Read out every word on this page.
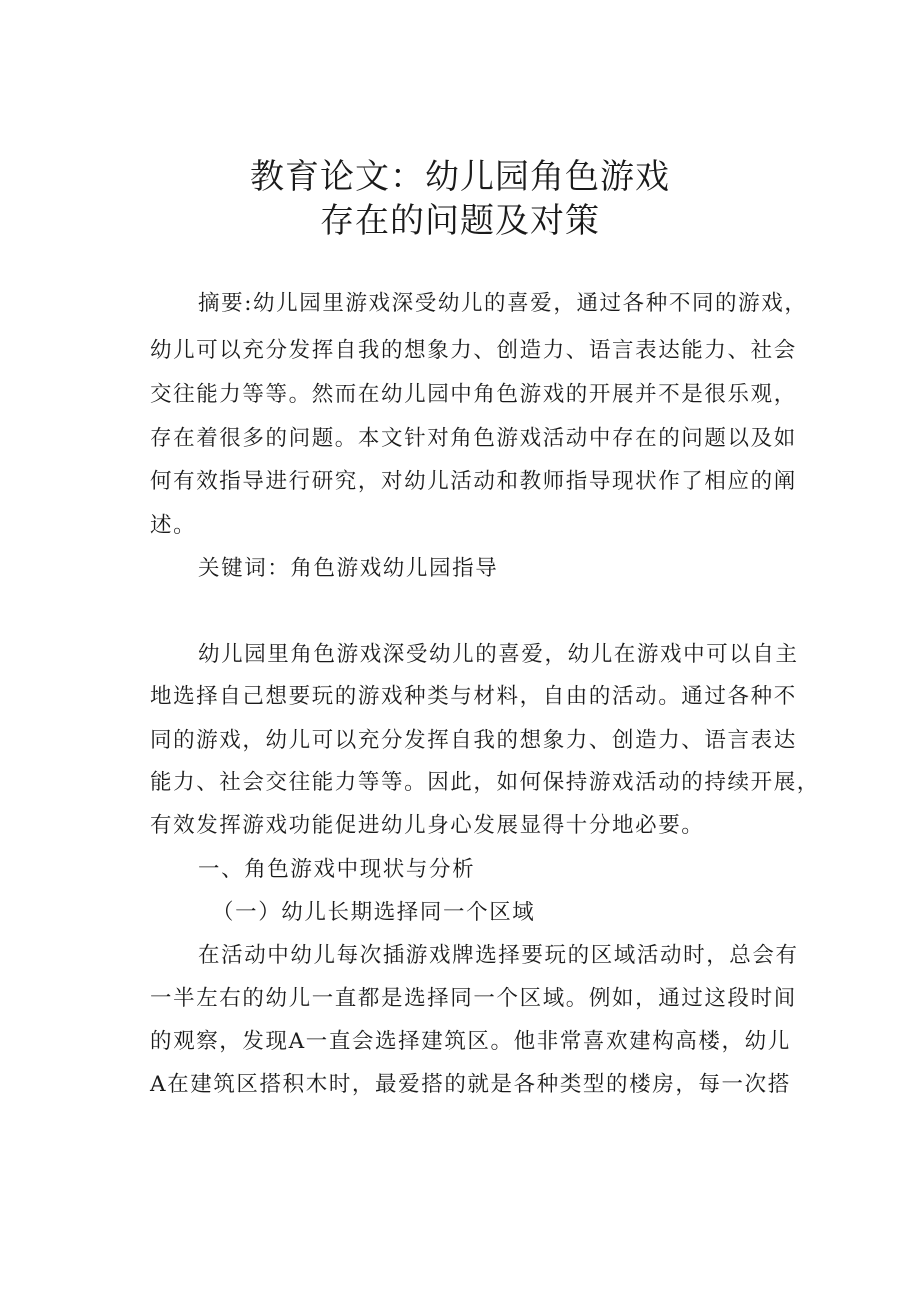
教育论文：幼儿园角色游戏
存在的问题及对策

摘要:幼儿园里游戏深受幼儿的喜爱，通过各种不同的游戏，

幼儿可以充分发挥自我的想象力、创造力、语言表达能力、社会

交往能力等等。然而在幼儿园中角色游戏的开展并不是很乐观，

存在着很多的问题。本文针对角色游戏活动中存在的问题以及如

何有效指导进行研究，对幼儿活动和教师指导现状作了相应的阐

述。

关键词：角色游戏幼儿园指导

幼儿园里角色游戏深受幼儿的喜爱，幼儿在游戏中可以自主

地选择自己想要玩的游戏种类与材料，自由的活动。通过各种不

同的游戏，幼儿可以充分发挥自我的想象力、创造力、语言表达

能力、社会交往能力等等。因此，如何保持游戏活动的持续开展，

有效发挥游戏功能促进幼儿身心发展显得十分地必要。

一、角色游戏中现状与分析

（一）幼儿长期选择同一个区域

在活动中幼儿每次插游戏牌选择要玩的区域活动时，总会有

一半左右的幼儿一直都是选择同一个区域。例如，通过这段时间

的观察，发现A一直会选择建筑区。他非常喜欢建构高楼，幼儿

A在建筑区搭积木时，最爱搭的就是各种类型的楼房，每一次搭
